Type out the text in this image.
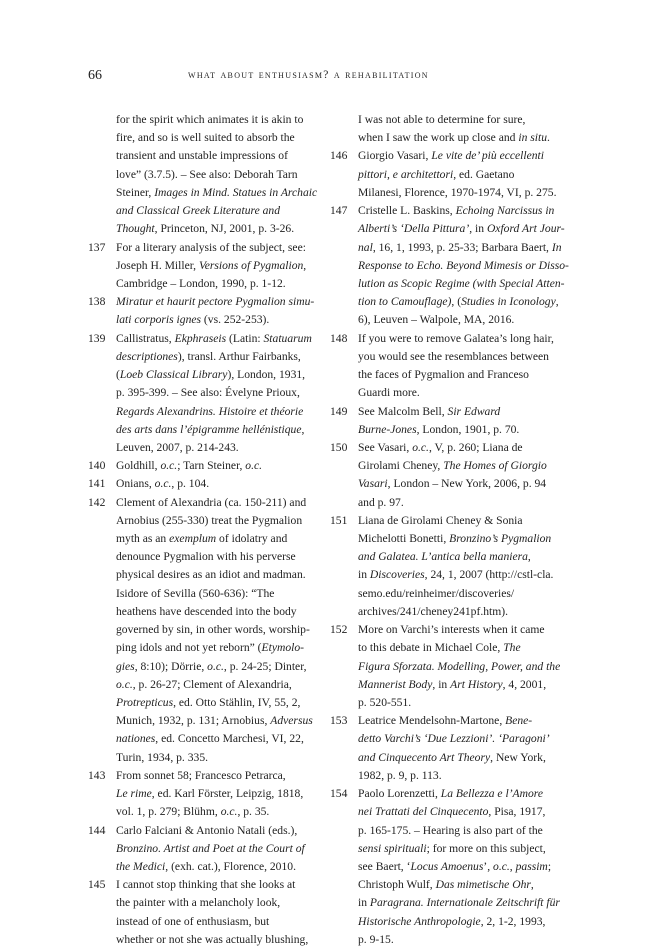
66	what about enthusiasm? a rehabilitation
for the spirit which animates it is akin to
fire, and so is well suited to absorb the
transient and unstable impressions of
love” (3.7.5). – See also: Deborah Tarn
Steiner, Images in Mind. Statues in Archaic
and Classical Greek Literature and
Thought, Princeton, NJ, 2001, p. 3-26.
137 For a literary analysis of the subject, see:
Joseph H. Miller, Versions of Pygmalion,
Cambridge – London, 1990, p. 1-12.
138 Miratur et haurit pectore Pygmalion simu-
lati corporis ignes (vs. 252-253).
139 Callistratus, Ekphraseis (Latin: Statuarum
descriptiones), transl. Arthur Fairbanks,
(Loeb Classical Library), London, 1931,
p. 395-399. – See also: Évelyne Prioux,
Regards Alexandrins. Histoire et théorie
des arts dans l’épigramme hellénistique,
Leuven, 2007, p. 214-243.
140 Goldhill, o.c.; Tarn Steiner, o.c.
141 Onians, o.c., p. 104.
142 Clement of Alexandria (ca. 150-211) and
Arnobius (255-330) treat the Pygmalion
myth as an exemplum of idolatry and
denounce Pygmalion with his perverse
physical desires as an idiot and madman.
Isidore of Sevilla (560-636): “The
heathens have descended into the body
governed by sin, in other words, worship-
ping idols and not yet reborn” (Etymolo-
gies, 8:10); Dörrie, o.c., p. 24-25; Dinter,
o.c., p. 26-27; Clement of Alexandria,
Protrepticus, ed. Otto Stählin, IV, 55, 2,
Munich, 1932, p. 131; Arnobius, Adversus
nationes, ed. Concetto Marchesi, VI, 22,
Turin, 1934, p. 335.
143 From sonnet 58; Francesco Petrarca,
Le rime, ed. Karl Förster, Leipzig, 1818,
vol. 1, p. 279; Blühm, o.c., p. 35.
144 Carlo Falciani & Antonio Natali (eds.),
Bronzino. Artist and Poet at the Court of
the Medici, (exh. cat.), Florence, 2010.
145 I cannot stop thinking that she looks at
the painter with a melancholy look,
instead of one of enthusiasm, but
whether or not she was actually blushing,
I was not able to determine for sure,
when I saw the work up close and in situ.
146 Giorgio Vasari, Le vite de’ più eccellenti
pittori, e architettori, ed. Gaetano
Milanesi, Florence, 1970-1974, VI, p. 275.
147 Cristelle L. Baskins, Echoing Narcissus in
Alberti’s ‘Della Pittura’, in Oxford Art Jour-
nal, 16, 1, 1993, p. 25-33; Barbara Baert, In
Response to Echo. Beyond Mimesis or Disso-
lution as Scopic Regime (with Special Atten-
tion to Camouflage), (Studies in Iconology,
6), Leuven – Walpole, MA, 2016.
148 If you were to remove Galatea’s long hair,
you would see the resemblances between
the faces of Pygmalion and Franceso
Guardi more.
149 See Malcolm Bell, Sir Edward
Burne-Jones, London, 1901, p. 70.
150 See Vasari, o.c., V, p. 260; Liana de
Girolami Cheney, The Homes of Giorgio
Vasari, London – New York, 2006, p. 94
and p. 97.
151 Liana de Girolami Cheney & Sonia
Michelotti Bonetti, Bronzino’s Pygmalion
and Galatea. L’antica bella maniera,
in Discoveries, 24, 1, 2007 (http://cstl-cla.
semo.edu/reinheimer/discoveries/
archives/241/cheney241pf.htm).
152 More on Varchi’s interests when it came
to this debate in Michael Cole, The
Figura Sforzata. Modelling, Power, and the
Mannerist Body, in Art History, 4, 2001,
p. 520-551.
153 Leatrice Mendelsohn-Martone, Bene-
detto Varchi’s ‘Due Lezzioni’. ‘Paragoni’
and Cinquecento Art Theory, New York,
1982, p. 9, p. 113.
154 Paolo Lorenzetti, La Bellezza e l’Amore
nei Trattati del Cinquecento, Pisa, 1917,
p. 165-175. – Hearing is also part of the
sensi spirituali; for more on this subject,
see Baert, ‘Locus Amoenus’, o.c., passim;
Christoph Wulf, Das mimetische Ohr,
in Paragrana. Internationale Zeitschrift für
Historische Anthropologie, 2, 1-2, 1993,
p. 9-15.
